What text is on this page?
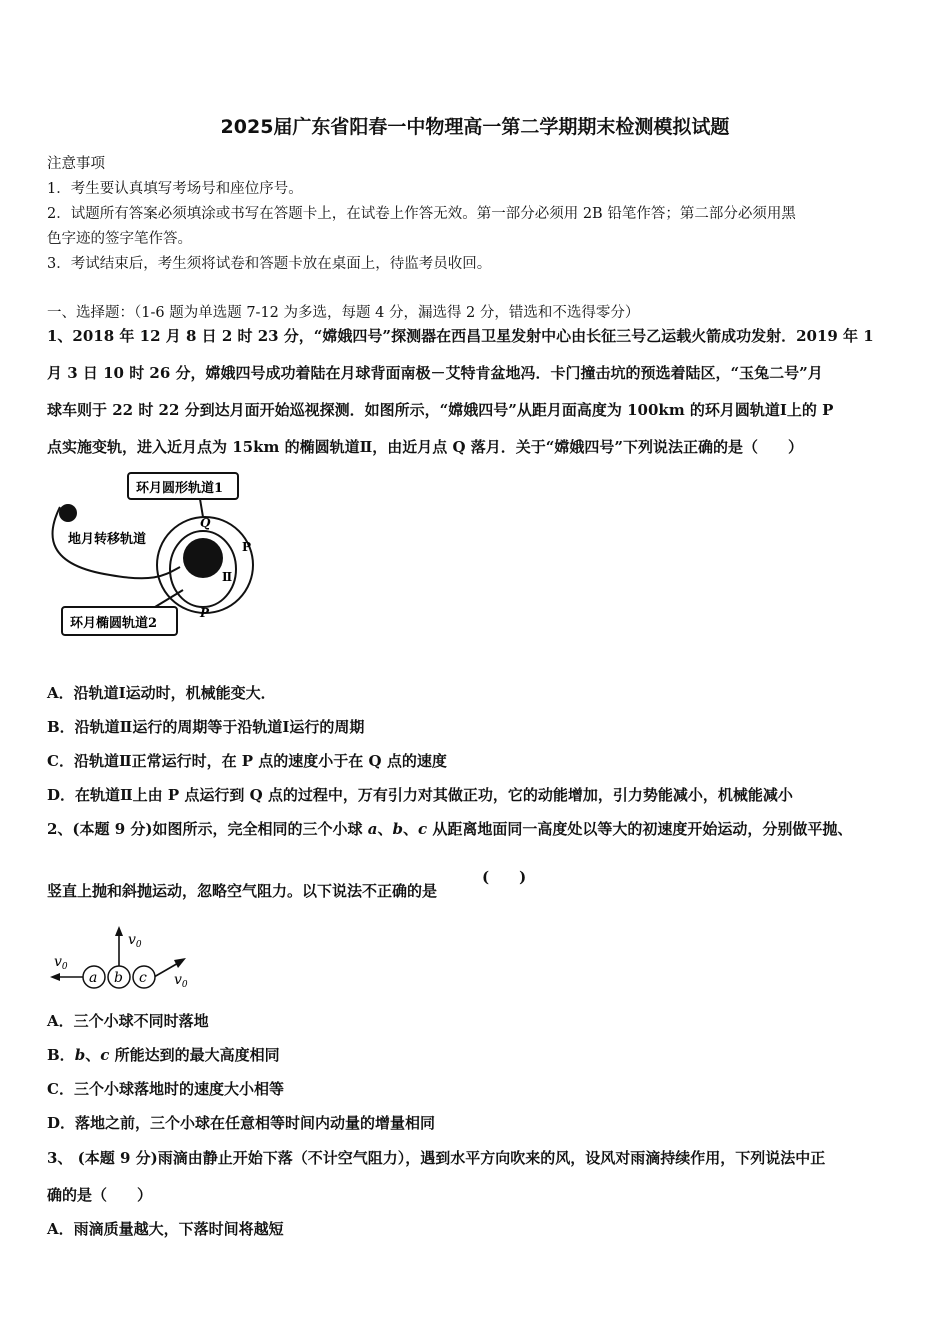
2025届广东省阳春一中物理高一第二学期期末检测模拟试题
注意事项
1．考生要认真填写考场号和座位序号。
2．试题所有答案必须填涂或书写在答题卡上，在试卷上作答无效。第一部分必须用 2B 铅笔作答；第二部分必须用黑
色字迹的签字笔作答。
3．考试结束后，考生须将试卷和答题卡放在桌面上，待监考员收回。
一、选择题：（1-6 题为单选题 7-12 为多选，每题 4 分，漏选得 2 分，错选和不选得零分）
1、2018 年 12 月 8 日 2 时 23 分，“嫦娥四号”探测器在西昌卫星发射中心由长征三号乙运载火箭成功发射．2019 年 1
月 3 日 10 时 26 分，嫦娥四号成功着陆在月球背面南极－艾特肯盆地冯．卡门撞击坑的预选着陆区，“玉兔二号”月
球车则于 22 时 22 分到达月面开始巡视探测．如图所示，“嫦娥四号”从距月面高度为 100km 的环月圆轨道Ⅰ上的 P
点实施变轨，进入近月点为 15km 的椭圆轨道Ⅱ，由近月点 Q 落月．关于“嫦娥四号”下列说法正确的是（　　）
环月圆形轨道1
地月转移轨道
环月椭圆轨道2
Q
P
Ⅱ
P
A．沿轨道Ⅰ运动时，机械能变大．
B．沿轨道Ⅱ运行的周期等于沿轨道Ⅰ运行的周期
C．沿轨道Ⅱ正常运行时，在 P 点的速度小于在 Q 点的速度
D．在轨道Ⅱ上由 P 点运行到 Q 点的过程中，万有引力对其做正功，它的动能增加，引力势能减小，机械能减小
2、(本题 9 分)如图所示，完全相同的三个小球 a、b、c 从距离地面同一高度处以等大的初速度开始运动，分别做平抛、
竖直上抛和斜抛运动，忽略空气阻力。以下说法不正确的是
(　　)
$v_0$
$v_0$
$v_0$
a b c
A．三个小球不同时落地
B．b、c 所能达到的最大高度相同
C．三个小球落地时的速度大小相等
D．落地之前，三个小球在任意相等时间内动量的增量相同
3、 (本题 9 分)雨滴由静止开始下落（不计空气阻力），遇到水平方向吹来的风，设风对雨滴持续作用，下列说法中正
确的是（　　）
A．雨滴质量越大，下落时间将越短
